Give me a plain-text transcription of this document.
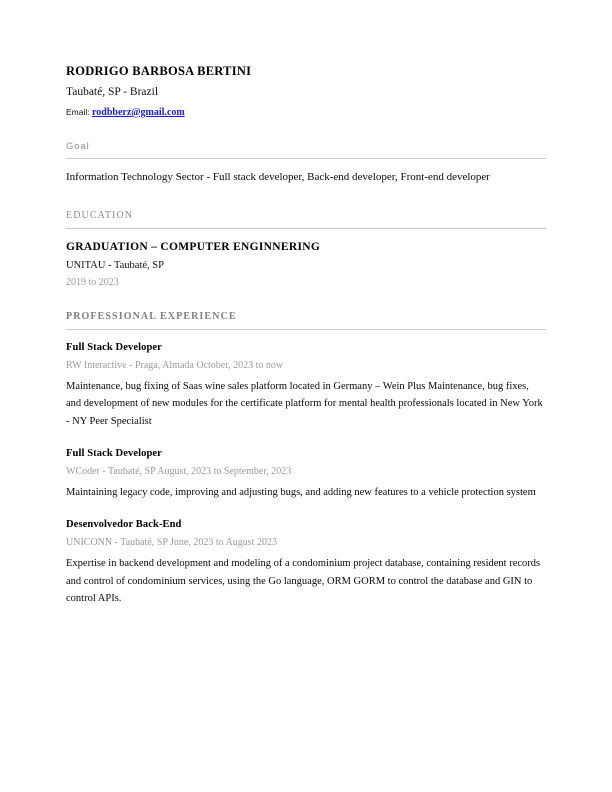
RODRIGO BARBOSA BERTINI
Taubaté, SP - Brazil
Email: rodbberz@gmail.com
Goal
Information Technology Sector - Full stack developer, Back-end developer, Front-end developer
EDUCATION
GRADUATION – COMPUTER ENGINNERING
UNITAU - Taubaté, SP
2019 to 2023
PROFESSIONAL EXPERIENCE
Full Stack Developer
RW Interactive - Praga, Almada October, 2023 to now
Maintenance, bug fixing of Saas wine sales platform located in Germany – Wein Plus Maintenance, bug fixes, and development of new modules for the certificate platform for mental health professionals located in New York - NY Peer Specialist
Full Stack Developer
WCoder - Taubaté, SP August, 2023 to September, 2023
Maintaining legacy code, improving and adjusting bugs, and adding new features to a vehicle protection system
Desenvolvedor Back-End
UNICONN - Taubaté, SP June, 2023 to August 2023
Expertise in backend development and modeling of a condominium project database, containing resident records and control of condominium services, using the Go language, ORM GORM to control the database and GIN to control APIs.
